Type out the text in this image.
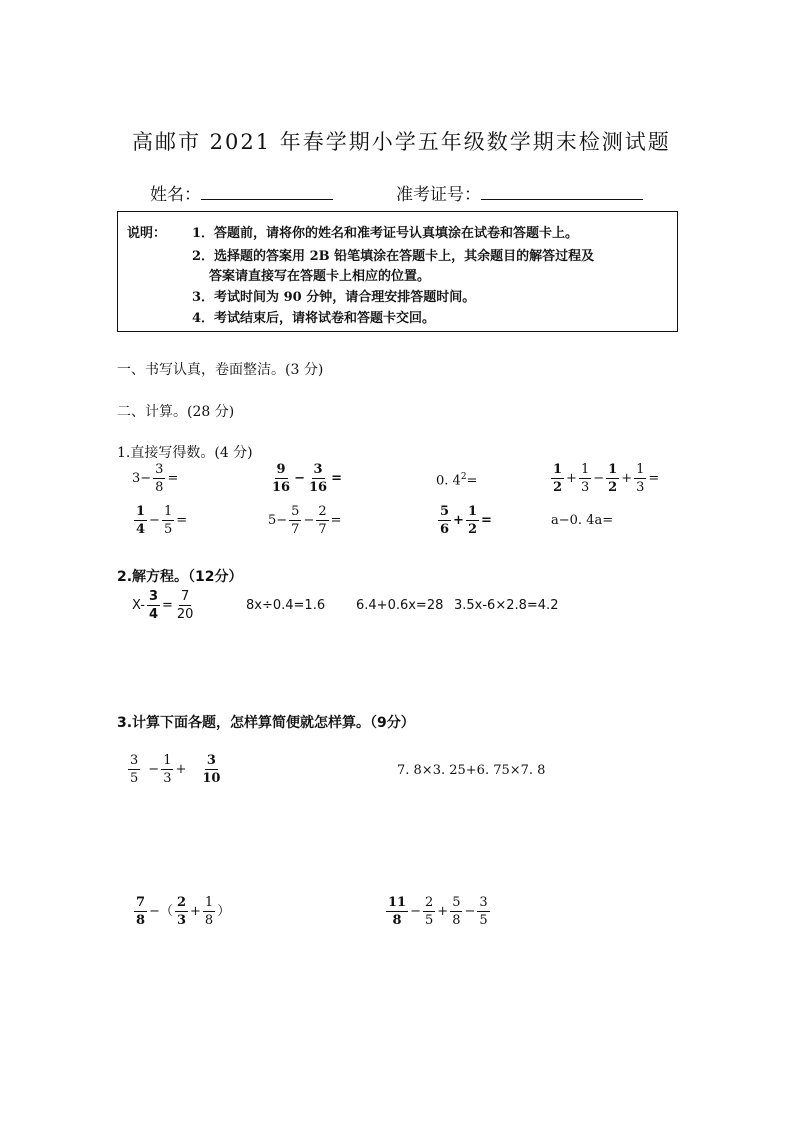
高邮市 2021 年春学期小学五年级数学期末检测试题
姓名：	准考证号：
说明： 1．答题前，请将你的姓名和准考证号认真填涂在试卷和答题卡上。
2．选择题的答案用 2B 铅笔填涂在答题卡上，其余题目的解答过程及
答案请直接写在答题卡上相应的位置。
3．考试时间为 90 分钟，请合理安排答题时间。
4．考试结束后，请将试卷和答题卡交回。
一、书写认真，卷面整洁。(3 分)
二、计算。(28 分)
1.直接写得数。(4 分)
$3- \frac{3}{8}$ =	$\frac{9}{16} - \frac{3}{16}$ =	0. $4^2=$	$\frac{1}{2} + \frac{1}{3} - \frac{1}{2} + \frac{1}{3}$ =
$\frac{1}{4} - \frac{1}{5}$ =	$5- \frac{5}{7} - \frac{2}{7}$ =	$\frac{5}{6} + \frac{1}{2}$ =	a−0. 4a=
2.解方程。（12分）
$X- \frac{3}{4} = \frac{7}{20}$	8x÷0.4=1.6 6.4+0.6x=28 3.5x-6×2.8=4.2
3.计算下面各题，怎样算简便就怎样算。（9分）
$\frac{3}{5} - \frac{1}{3} + \frac{3}{10}$	7. 8×3. 25+6. 75×7. 8
$\frac{7}{8}$ −（ $\frac{2}{3} + \frac{1}{8}$ ）	$\frac{11}{8} - \frac{2}{5} + \frac{5}{8} - \frac{3}{5}$
